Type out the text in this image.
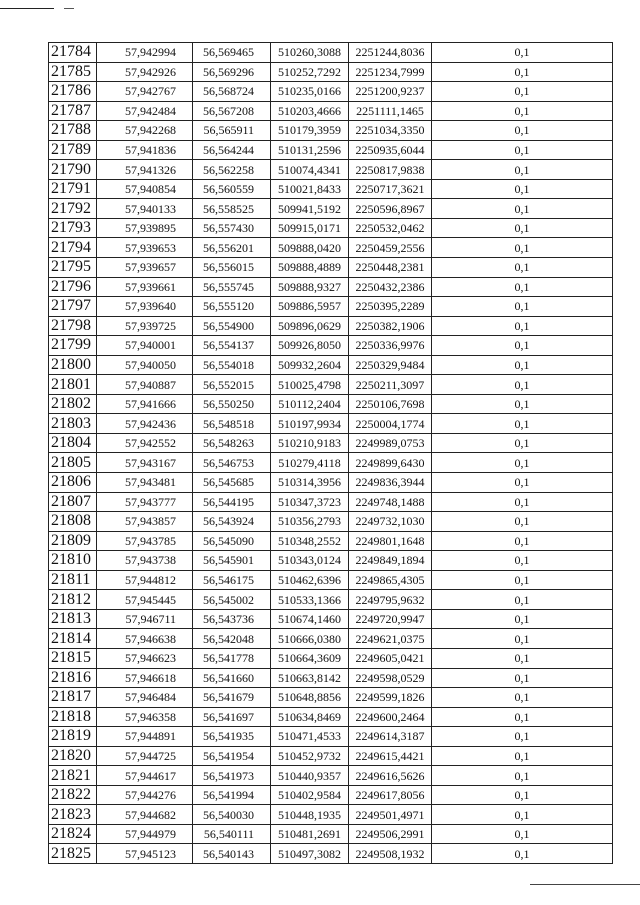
21784	57,942994	56,569465	510260,3088	2251244,8036	0,1
21785	57,942926	56,569296	510252,7292	2251234,7999	0,1
21786	57,942767	56,568724	510235,0166	2251200,9237	0,1
21787	57,942484	56,567208	510203,4666	2251111,1465	0,1
21788	57,942268	56,565911	510179,3959	2251034,3350	0,1
21789	57,941836	56,564244	510131,2596	2250935,6044	0,1
21790	57,941326	56,562258	510074,4341	2250817,9838	0,1
21791	57,940854	56,560559	510021,8433	2250717,3621	0,1
21792	57,940133	56,558525	509941,5192	2250596,8967	0,1
21793	57,939895	56,557430	509915,0171	2250532,0462	0,1
21794	57,939653	56,556201	509888,0420	2250459,2556	0,1
21795	57,939657	56,556015	509888,4889	2250448,2381	0,1
21796	57,939661	56,555745	509888,9327	2250432,2386	0,1
21797	57,939640	56,555120	509886,5957	2250395,2289	0,1
21798	57,939725	56,554900	509896,0629	2250382,1906	0,1
21799	57,940001	56,554137	509926,8050	2250336,9976	0,1
21800	57,940050	56,554018	509932,2604	2250329,9484	0,1
21801	57,940887	56,552015	510025,4798	2250211,3097	0,1
21802	57,941666	56,550250	510112,2404	2250106,7698	0,1
21803	57,942436	56,548518	510197,9934	2250004,1774	0,1
21804	57,942552	56,548263	510210,9183	2249989,0753	0,1
21805	57,943167	56,546753	510279,4118	2249899,6430	0,1
21806	57,943481	56,545685	510314,3956	2249836,3944	0,1
21807	57,943777	56,544195	510347,3723	2249748,1488	0,1
21808	57,943857	56,543924	510356,2793	2249732,1030	0,1
21809	57,943785	56,545090	510348,2552	2249801,1648	0,1
21810	57,943738	56,545901	510343,0124	2249849,1894	0,1
21811	57,944812	56,546175	510462,6396	2249865,4305	0,1
21812	57,945445	56,545002	510533,1366	2249795,9632	0,1
21813	57,946711	56,543736	510674,1460	2249720,9947	0,1
21814	57,946638	56,542048	510666,0380	2249621,0375	0,1
21815	57,946623	56,541778	510664,3609	2249605,0421	0,1
21816	57,946618	56,541660	510663,8142	2249598,0529	0,1
21817	57,946484	56,541679	510648,8856	2249599,1826	0,1
21818	57,946358	56,541697	510634,8469	2249600,2464	0,1
21819	57,944891	56,541935	510471,4533	2249614,3187	0,1
21820	57,944725	56,541954	510452,9732	2249615,4421	0,1
21821	57,944617	56,541973	510440,9357	2249616,5626	0,1
21822	57,944276	56,541994	510402,9584	2249617,8056	0,1
21823	57,944682	56,540030	510448,1935	2249501,4971	0,1
21824	57,944979	56,540111	510481,2691	2249506,2991	0,1
21825	57,945123	56,540143	510497,3082	2249508,1932	0,1
